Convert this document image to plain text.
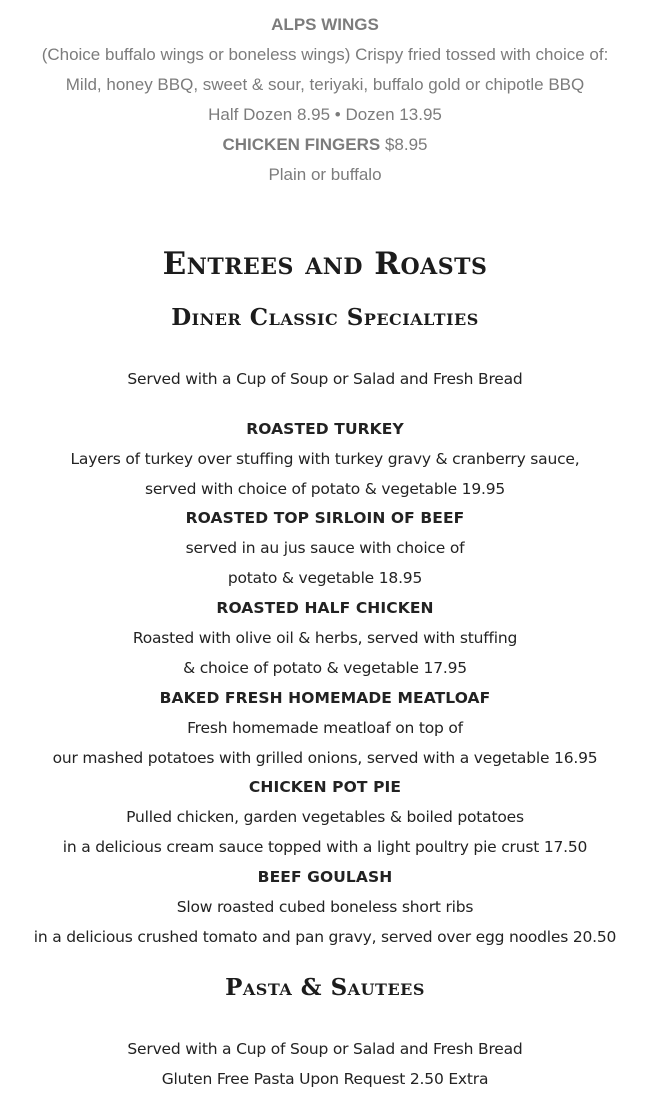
ALPS WINGS
(Choice buffalo wings or boneless wings) Crispy fried tossed with choice of:
Mild, honey BBQ, sweet & sour, teriyaki, buffalo gold or chipotle BBQ
Half Dozen 8.95 • Dozen 13.95
CHICKEN FINGERS $8.95
Plain or buffalo
Entrees and Roasts
Diner Classic Specialties
Served with a Cup of Soup or Salad and Fresh Bread
ROASTED TURKEY
Layers of turkey over stuffing with turkey gravy & cranberry sauce,
served with choice of potato & vegetable 19.95
ROASTED TOP SIRLOIN OF BEEF
served in au jus sauce with choice of
potato & vegetable 18.95
ROASTED HALF CHICKEN
Roasted with olive oil & herbs, served with stuffing
& choice of potato & vegetable 17.95
BAKED FRESH HOMEMADE MEATLOAF
Fresh homemade meatloaf on top of
our mashed potatoes with grilled onions, served with a vegetable 16.95
CHICKEN POT PIE
Pulled chicken, garden vegetables & boiled potatoes
in a delicious cream sauce topped with a light poultry pie crust 17.50
BEEF GOULASH
Slow roasted cubed boneless short ribs
in a delicious crushed tomato and pan gravy, served over egg noodles 20.50
Pasta & Sautees
Served with a Cup of Soup or Salad and Fresh Bread
Gluten Free Pasta Upon Request 2.50 Extra
